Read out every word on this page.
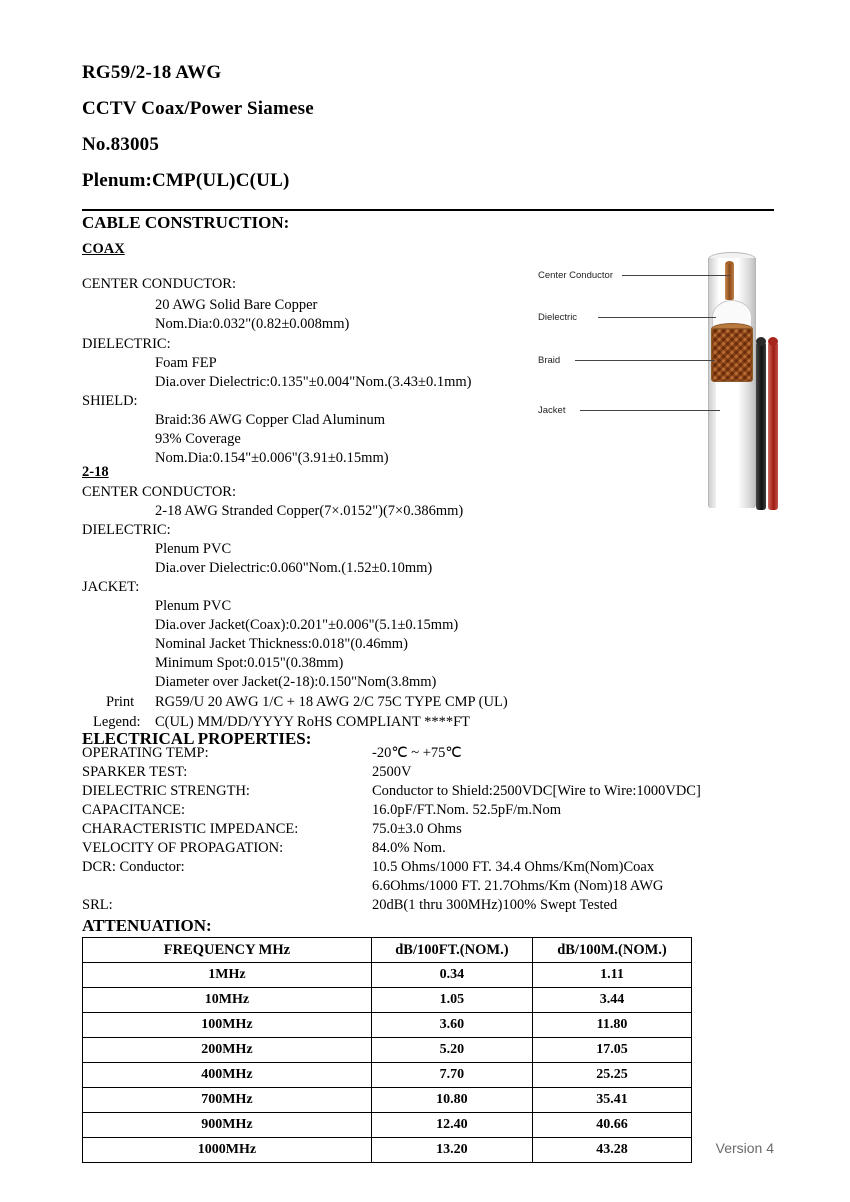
RG59/2-18 AWG
CCTV Coax/Power Siamese
No.83005
Plenum:CMP(UL)C(UL)
CABLE CONSTRUCTION:
COAX
CENTER CONDUCTOR:
20 AWG Solid Bare Copper
Nom.Dia:0.032"(0.82±0.008mm)
DIELECTRIC:
Foam FEP
Dia.over Dielectric:0.135"±0.004"Nom.(3.43±0.1mm)
SHIELD:
Braid:36 AWG Copper Clad Aluminum
93% Coverage
Nom.Dia:0.154"±0.006"(3.91±0.15mm)
2-18
CENTER CONDUCTOR:
2-18 AWG Stranded Copper(7×.0152")(7×0.386mm)
DIELECTRIC:
Plenum PVC
Dia.over Dielectric:0.060"Nom.(1.52±0.10mm)
JACKET:
Plenum PVC
Dia.over Jacket(Coax):0.201"±0.006"(5.1±0.15mm)
Nominal Jacket Thickness:0.018"(0.46mm)
Minimum Spot:0.015"(0.38mm)
Diameter over Jacket(2-18):0.150"Nom(3.8mm)
Print RG59/U 20 AWG 1/C + 18 AWG 2/C 75C TYPE CMP (UL)
Legend: C(UL) MM/DD/YYYY RoHS COMPLIANT ****FT
ELECTRICAL PROPERTIES:
OPERATING TEMP:	-20℃ ~ +75℃
SPARKER TEST:	2500V
DIELECTRIC STRENGTH:	Conductor to Shield:2500VDC[Wire to Wire:1000VDC]
CAPACITANCE:	16.0pF/FT.Nom. 52.5pF/m.Nom
CHARACTERISTIC IMPEDANCE:	75.0±3.0 Ohms
VELOCITY OF PROPAGATION:	84.0% Nom.
DCR: Conductor:	10.5 Ohms/1000 FT. 34.4 Ohms/Km(Nom)Coax
6.6Ohms/1000 FT. 21.7Ohms/Km (Nom)18 AWG
SRL:	20dB(1 thru 300MHz)100% Swept Tested
ATTENUATION:
FREQUENCY MHz	dB/100FT.(NOM.)	dB/100M.(NOM.)
1MHz	0.34	1.11
10MHz	1.05	3.44
100MHz	3.60	11.80
200MHz	5.20	17.05
400MHz	7.70	25.25
700MHz	10.80	35.41
900MHz	12.40	40.66
1000MHz	13.20	43.28
Center Conductor
Dielectric
Braid
Jacket
Version 4
